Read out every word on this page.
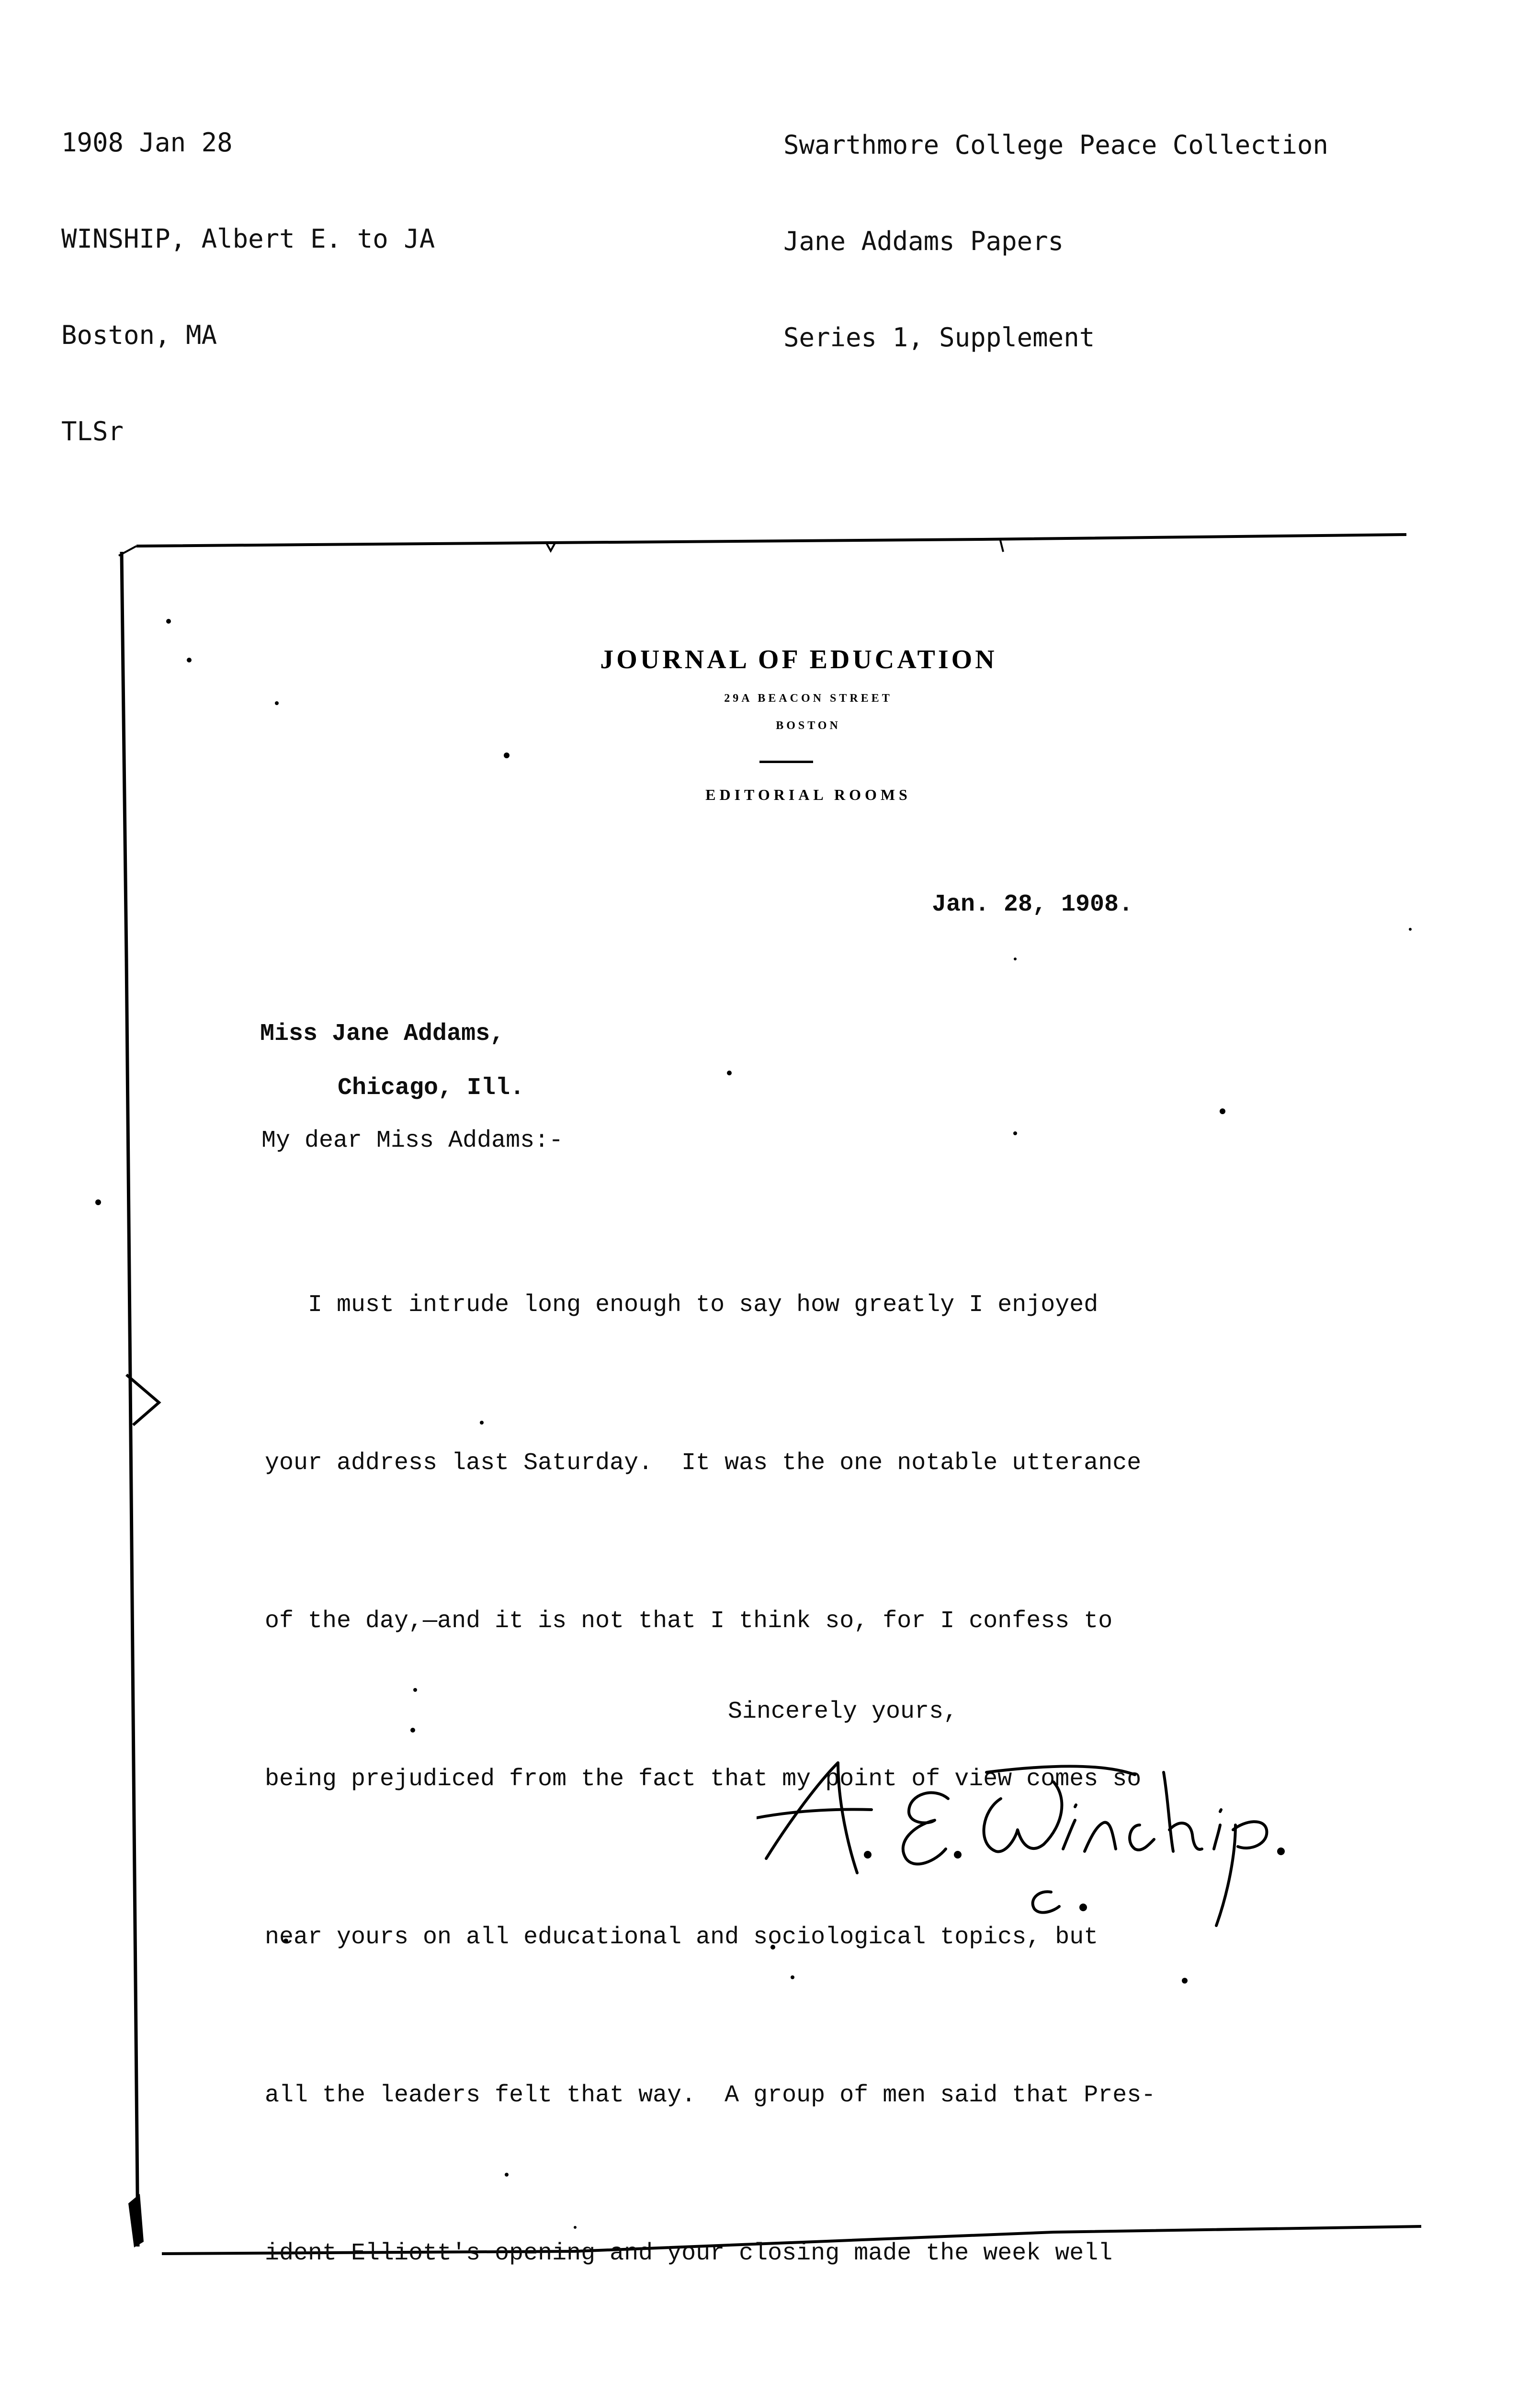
1908 Jan 28

WINSHIP, Albert E. to JA

Boston, MA

TLSr

Swarthmore College Peace Collection

Jane Addams Papers

Series 1, Supplement

JOURNAL OF EDUCATION
29A BEACON STREET
BOSTON
EDITORIAL ROOMS
Jan. 28, 1908.
Miss Jane Addams,
Chicago, Ill.
My dear Miss Addams:-

I must intrude long enough to say how greatly I enjoyed

your address last Saturday.  It was the one notable utterance

of the day,—and it is not that I think so, for I confess to

being prejudiced from the fact that my point of view comes so

near yours on all educational and sociological topics, but

all the leaders felt that way.  A group of men said that Pres-

ident Elliott's opening and your closing made the week well

Sincerely yours,
